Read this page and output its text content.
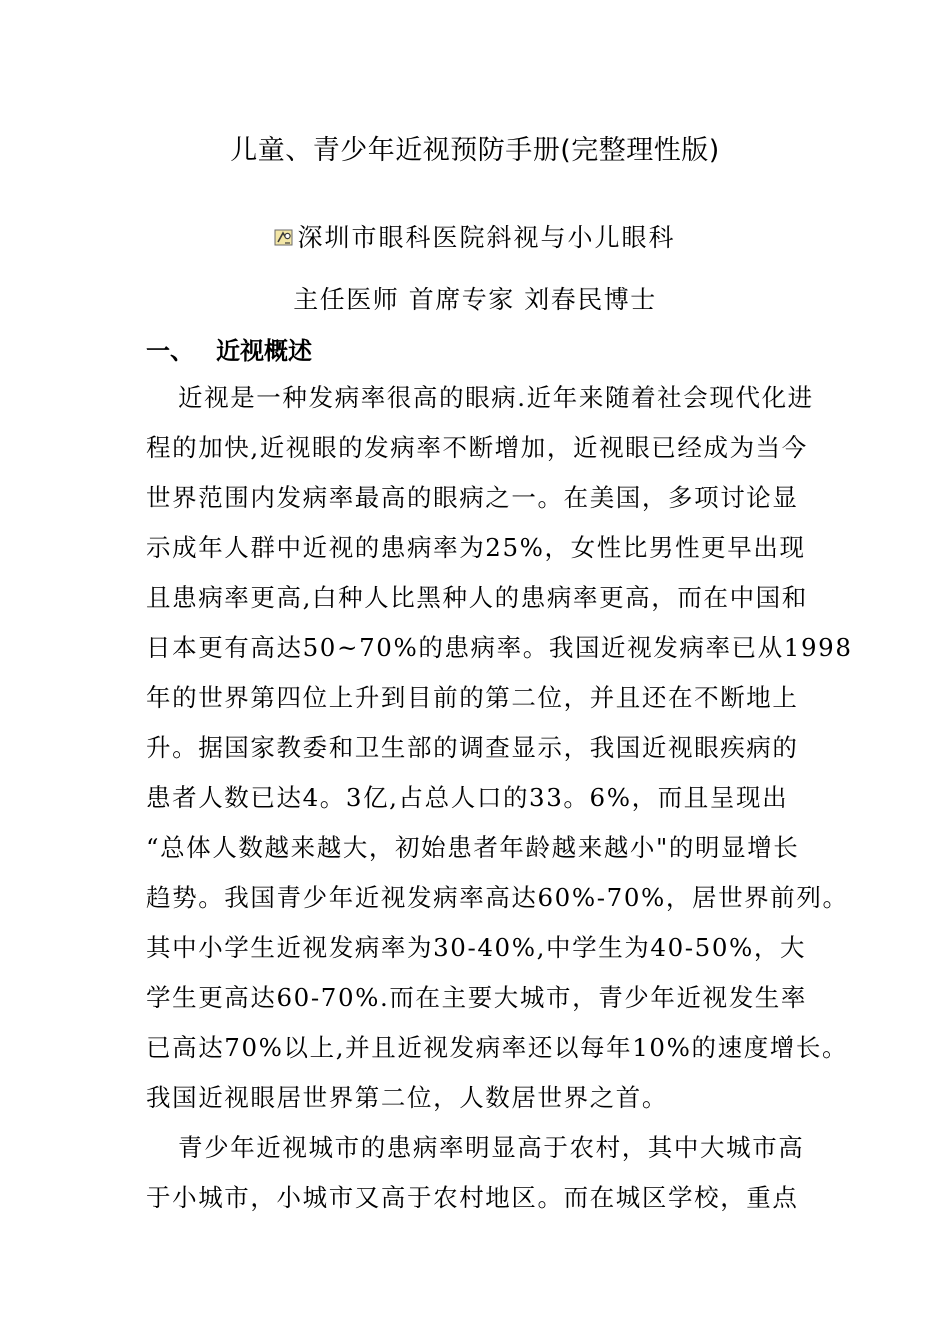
儿童、青少年近视预防手册(完整理性版)
深圳市眼科医院斜视与小儿眼科
主任医师 首席专家 刘春民博士
一、 近视概述
近视是一种发病率很高的眼病.近年来随着社会现代化进
程的加快,近视眼的发病率不断增加，近视眼已经成为当今
世界范围内发病率最高的眼病之一。在美国，多项讨论显
示成年人群中近视的患病率为25%，女性比男性更早出现
且患病率更高,白种人比黑种人的患病率更高，而在中国和
日本更有高达50~70%的患病率。我国近视发病率已从1998
年的世界第四位上升到目前的第二位，并且还在不断地上
升。据国家教委和卫生部的调查显示，我国近视眼疾病的
患者人数已达4。3亿,占总人口的33。6%，而且呈现出
“总体人数越来越大，初始患者年龄越来越小"的明显增长
趋势。我国青少年近视发病率高达60%-70%，居世界前列。
其中小学生近视发病率为30-40%,中学生为40-50%，大
学生更高达60-70%.而在主要大城市，青少年近视发生率
已高达70%以上,并且近视发病率还以每年10%的速度增长。
我国近视眼居世界第二位，人数居世界之首。
青少年近视城市的患病率明显高于农村，其中大城市高
于小城市，小城市又高于农村地区。而在城区学校，重点
